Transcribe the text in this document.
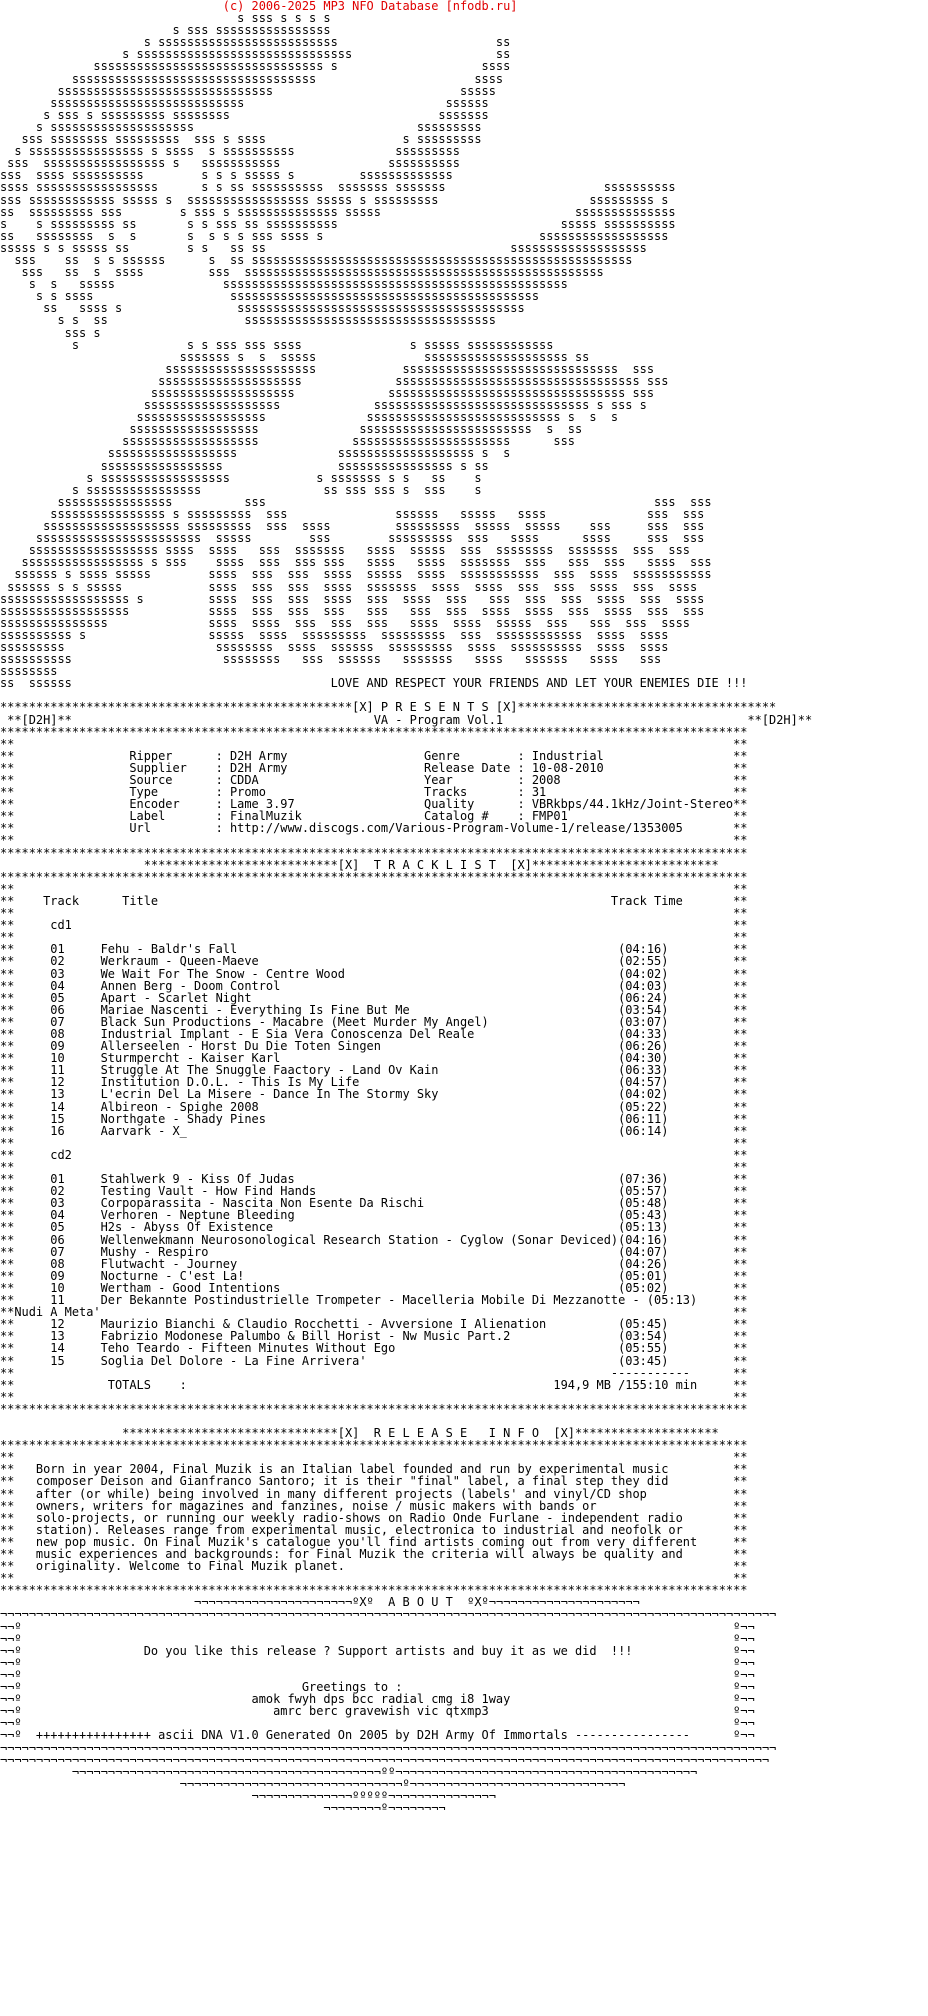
(c) 2006-2025 MP3 NFO Database [nfodb.ru]
s sss s s s s
s sss ssssssssssssssss
s sssssssssssssssssssssssss                      ss
s ssssssssssssssssssssssssssssss                    ss
ssssssssssssssssssssssssssssssss s                    ssss
ssssssssssssssssssssssssssssssssss                      ssss
ssssssssssssssssssssssssssssss                          sssss
sssssssssssssssssssssssssss                            ssssss
s sss s sssssssss ssssssss                             sssssss
s ssssssssssssssssssss                               sssssssss
sss ssssssss sssssssss  sss s ssss                   s sssssssss
s ssssssssssssssss s ssss  s ssssssssss              sssssssss
sss  sssssssssssssssss s   sssssssssss               ssssssssss
sss  ssss ssssssssss        s s s sssss s         sssssssssssss
ssss sssssssssssssssss      s s ss ssssssssss  sssssss sssssss                      ssssssssss
sss ssssssssssss sssss s  sssssssssssssssss sssss s sssssssss                     sssssssss s
ss  sssssssss sss        s sss s ssssssssssssss sssss                           ssssssssssssss
s    s sssssssss ss       s s sss ss ssssssssss                               sssss ssssssssss
ss   ssssssss  s  s       s  s s s sss ssss s                              ssssssssssssssssss
sssss s s sssss ss        s s   ss ss                                  sssssssssssssssssss
sss    ss  s s ssssss      s  ss sssssssssssssssssssssssssssssssssssssssssssssssssssss
sss   ss  s  ssss         sss  ssssssssssssssssssssssssssssssssssssssssssssssssss
s  s   sssss               ssssssssssssssssssssssssssssssssssssssssssssssss
s s ssss                   sssssssssssssssssssssssssssssssssssssssssss
ss   ssss s                ssssssssssssssssssssssssssssssssssssssss
s s  ss                   sssssssssssssssssssssssssssssssssss
sss s
s               s s sss sss ssss               s sssss ssssssssssss
sssssss s  s  sssss               ssssssssssssssssssss ss
sssssssssssssssssssss            ssssssssssssssssssssssssssssss  sss
ssssssssssssssssssss             ssssssssssssssssssssssssssssssssss sss
ssssssssssssssssssss             sssssssssssssssssssssssssssssssss sss
sssssssssssssssssss             ssssssssssssssssssssssssssssss s sss s
ssssssssssssssssss              sssssssssssssssssssssssssss s  s  s
ssssssssssssssssss              ssssssssssssssssssssssss  s  ss
sssssssssssssssssss             ssssssssssssssssssssss      sss
ssssssssssssssssss              sssssssssssssssssss s  s
sssssssssssssssss                ssssssssssssssss s ss
s ssssssssssssssssss            s sssssss s s   ss    s
s ssssssssssssssss                 ss sss sss s  sss    s
ssssssssssssssss          sss                                                      sss  sss
ssssssssssssssss s sssssssss  sss               ssssss   sssss   ssss              sss  sss
sssssssssssssssssss sssssssss  sss  ssss         sssssssss  sssss  sssss    sss     sss  sss
sssssssssssssssssssssss  sssss        sss        sssssssss  sss   ssss      ssss     sss  sss
ssssssssssssssssss ssss  ssss   sss  sssssss   ssss  sssss  sss  ssssssss  sssssss  sss  sss
sssssssssssssssss s sss    ssss  sss  sss sss   ssss   ssss  sssssss  sss   sss  sss   ssss  sss
ssssss s ssss sssss        ssss  sss  sss  ssss  sssss  ssss  sssssssssss  sss  ssss  sssssssssss
ssssss s s sssss            ssss  sss  sss  ssss  sssssss  ssss  ssss  sss  sss  ssss  sss  ssss
ssssssssssssssssss s         ssss  sss  sss  ssss  sss  ssss  sss   sss  sss  sss  ssss  sss  ssss
ssssssssssssssssss           ssss  sss  sss  sss   sss   sss  sss  ssss  ssss  sss  ssss  sss  sss
sssssssssssssss              ssss  ssss  sss  sss  sss   ssss  ssss  sssss  sss   sss  sss  ssss
ssssssssss s                 sssss  ssss  sssssssss  sssssssss  sss  ssssssssssss  ssss  ssss
sssssssss                     ssssssss  ssss  ssssss  sssssssss  ssss  ssssssssss  ssss  ssss
ssssssssss                     ssssssss   sss  ssssss   sssssss   ssss   ssssss   ssss   sss
ssssssss
ss  ssssss                                    LOVE AND RESPECT YOUR FRIENDS AND LET YOUR ENEMIES DIE !!!
*************************************************[X] P R E S E N T S [X]************************************
**[D2H]**                                          VA - Program Vol.1                                  **[D2H]**
********************************************************************************************************
**                                                                                                    **
**                Ripper      : D2H Army                   Genre        : Industrial                  **
**                Supplier    : D2H Army                   Release Date : 10-08-2010                  **
**                Source      : CDDA                       Year         : 2008                        **
**                Type        : Promo                      Tracks       : 31                          **
**                Encoder     : Lame 3.97                  Quality      : VBRkbps/44.1kHz/Joint-Stereo**
**                Label       : FinalMuzik                 Catalog #    : FMP01                       **
**                Url         : http://www.discogs.com/Various-Program-Volume-1/release/1353005       **
**                                                                                                    **
********************************************************************************************************
***************************[X]  T R A C K L I S T  [X]**************************
********************************************************************************************************
**                                                                                                    **
**    Track      Title                                                               Track Time       **
**                                                                                                    **
**     cd1                                                                                            **
**                                                                                                    **
**     01     Fehu - Baldr's Fall                                                     (04:16)         **
**     02     Werkraum - Queen-Maeve                                                  (02:55)         **
**     03     We Wait For The Snow - Centre Wood                                      (04:02)         **
**     04     Annen Berg - Doom Control                                               (04:03)         **
**     05     Apart - Scarlet Night                                                   (06:24)         **
**     06     Mariae Nascenti - Everything Is Fine But Me                             (03:54)         **
**     07     Black Sun Productions - Macabre (Meet Murder My Angel)                  (03:07)         **
**     08     Industrial Implant - E Sia Vera Conoscenza Del Reale                    (04:33)         **
**     09     Allerseelen - Horst Du Die Toten Singen                                 (06:26)         **
**     10     Sturmpercht - Kaiser Karl                                               (04:30)         **
**     11     Struggle At The Snuggle Faactory - Land Ov Kain                         (06:33)         **
**     12     Institution D.O.L. - This Is My Life                                    (04:57)         **
**     13     L'ecrin Del La Misere - Dance In The Stormy Sky                         (04:02)         **
**     14     Albireon - Spighe 2008                                                  (05:22)         **
**     15     Northgate - Shady Pines                                                 (06:11)         **
**     16     Aarvark - X_                                                            (06:14)         **
**                                                                                                    **
**     cd2                                                                                            **
**                                                                                                    **
**     01     Stahlwerk 9 - Kiss Of Judas                                             (07:36)         **
**     02     Testing Vault - How Find Hands                                          (05:57)         **
**     03     Corpoparassita - Nascita Non Esente Da Rischi                           (05:48)         **
**     04     Verhoren - Neptune Bleeding                                             (05:43)         **
**     05     H2s - Abyss Of Existence                                                (05:13)         **
**     06     Wellenwekmann Neurosonological Research Station - Cyglow (Sonar Deviced)(04:16)         **
**     07     Mushy - Respiro                                                         (04:07)         **
**     08     Flutwacht - Journey                                                     (04:26)         **
**     09     Nocturne - C'est La!                                                    (05:01)         **
**     10     Wertham - Good Intentions                                               (05:02)         **
**     11     Der Bekannte Postindustrielle Trompeter - Macelleria Mobile Di Mezzanotte - (05:13)     **
**Nudi A Meta'                                                                                        **
**     12     Maurizio Bianchi & Claudio Rocchetti - Avversione I Alienation          (05:45)         **
**     13     Fabrizio Modonese Palumbo & Bill Horist - Nw Music Part.2               (03:54)         **
**     14     Teho Teardo - Fifteen Minutes Without Ego                               (05:55)         **
**     15     Soglia Del Dolore - La Fine Arrivera'                                   (03:45)         **
**                                                                                   -----------      **
**             TOTALS    :                                                   194,9 MB /155:10 min     **
**                                                                                                    **
********************************************************************************************************
******************************[X]  R E L E A S E   I N F O  [X]********************
********************************************************************************************************
**                                                                                                    **
**   Born in year 2004, Final Muzik is an Italian label founded and run by experimental music         **
**   composer Deison and Gianfranco Santoro; it is their "final" label, a final step they did         **
**   after (or while) being involved in many different projects (labels' and vinyl/CD shop            **
**   owners, writers for magazines and fanzines, noise / music makers with bands or                   **
**   solo-projects, or running our weekly radio-shows on Radio Onde Furlane - independent radio       **
**   station). Releases range from experimental music, electronica to industrial and neofolk or       **
**   new pop music. On Final Muzik's catalogue you'll find artists coming out from very different     **
**   music experiences and backgrounds: for Final Muzik the criteria will always be quality and       **
**   originality. Welcome to Final Muzik planet.                                                      **
**                                                                                                    **
********************************************************************************************************
¬¬¬¬¬¬¬¬¬¬¬¬¬¬¬¬¬¬¬¬¬¬ºXº  A B O U T  ºXº¬¬¬¬¬¬¬¬¬¬¬¬¬¬¬¬¬¬¬¬¬
¬¬¬¬¬¬¬¬¬¬¬¬¬¬¬¬¬¬¬¬¬¬¬¬¬¬¬¬¬¬¬¬¬¬¬¬¬¬¬¬¬¬¬¬¬¬¬¬¬¬¬¬¬¬¬¬¬¬¬¬¬¬¬¬¬¬¬¬¬¬¬¬¬¬¬¬¬¬¬¬¬¬¬¬¬¬¬¬¬¬¬¬¬¬¬¬¬¬¬¬¬¬¬¬¬¬¬¬
¬¬º                                                                                                   º¬¬
¬¬º                                                                                                   º¬¬
¬¬º                 Do you like this release ? Support artists and buy it as we did  !!!              º¬¬
¬¬º                                                                                                   º¬¬
¬¬º                                                                                                   º¬¬
¬¬º                                       Greetings to :                                              º¬¬
¬¬º                                amok fwyh dps bcc radial cmg i8 1way                               º¬¬
¬¬º                                   amrc berc gravewish vic qtxmp3                                  º¬¬
¬¬º                                                                                                   º¬¬
¬¬º  ++++++++++++++++ ascii DNA V1.0 Generated On 2005 by D2H Army Of Immortals ----------------      º¬¬
¬¬¬¬¬¬¬¬¬¬¬¬¬¬¬¬¬¬¬¬¬¬¬¬¬¬¬¬¬¬¬¬¬¬¬¬¬¬¬¬¬¬¬¬¬¬¬¬¬¬¬¬¬¬¬¬¬¬¬¬¬¬¬¬¬¬¬¬¬¬¬¬¬¬¬¬¬¬¬¬¬¬¬¬¬¬¬¬¬¬¬¬¬¬¬¬¬¬¬¬¬¬¬¬¬¬¬¬
¬¬¬¬¬¬¬¬¬¬¬¬¬¬¬¬¬¬¬¬¬¬¬¬¬¬¬¬¬¬¬¬¬¬¬¬¬¬¬¬¬¬¬¬¬¬¬¬¬¬¬¬¬¬¬¬¬¬¬¬¬¬¬¬¬¬¬¬¬¬¬¬¬¬¬¬¬¬¬¬¬¬¬¬¬¬¬¬¬¬¬¬¬¬¬¬¬¬¬¬¬¬¬¬¬¬¬
¬¬¬¬¬¬¬¬¬¬¬¬¬¬¬¬¬¬¬¬¬¬¬¬¬¬¬¬¬¬¬¬¬¬¬¬¬¬¬¬¬¬¬ºº¬¬¬¬¬¬¬¬¬¬¬¬¬¬¬¬¬¬¬¬¬¬¬¬¬¬¬¬¬¬¬¬¬¬¬¬¬¬¬¬¬¬
¬¬¬¬¬¬¬¬¬¬¬¬¬¬¬¬¬¬¬¬¬¬¬¬¬¬¬¬¬¬¬º¬¬¬¬¬¬¬¬¬¬¬¬¬¬¬¬¬¬¬¬¬¬¬¬¬¬¬¬¬¬
¬¬¬¬¬¬¬¬¬¬¬¬¬¬ººººº¬¬¬¬¬¬¬¬¬¬¬¬¬¬¬
¬¬¬¬¬¬¬¬º¬¬¬¬¬¬¬¬
